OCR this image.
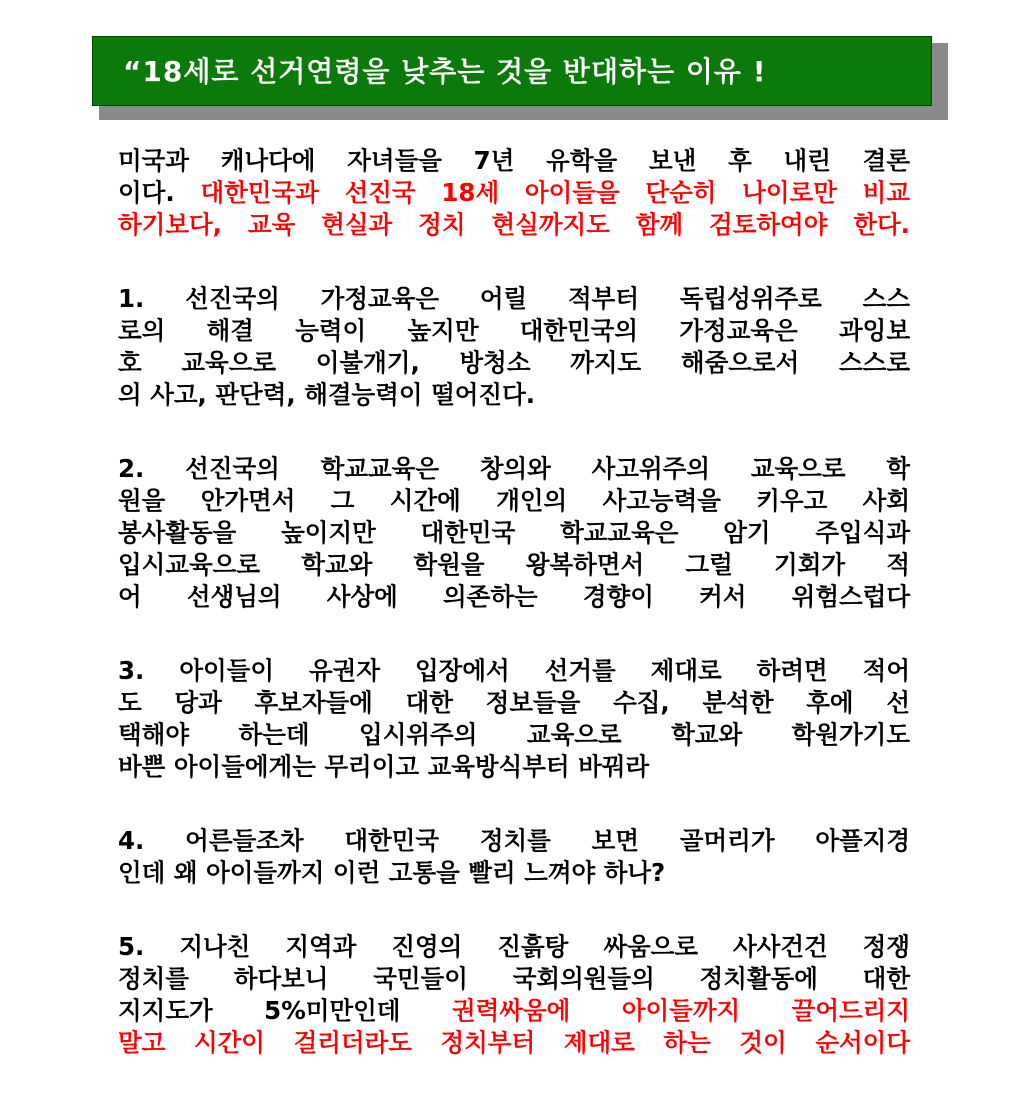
“18세로 선거연령을 낮추는 것을 반대하는 이유 !
미국과 캐나다에 자녀들을 7년 유학을 보낸 후 내린 결론
이다. 대한민국과 선진국 18세 아이들을 단순히 나이로만 비교
하기보다, 교육 현실과 정치 현실까지도 함께 검토하여야 한다.
1. 선진국의 가정교육은 어릴 적부터 독립성위주로 스스
로의 해결 능력이 높지만 대한민국의 가정교육은 과잉보
호 교육으로 이불개기, 방청소 까지도 해줌으로서 스스로
의 사고, 판단력, 해결능력이 떨어진다.
2. 선진국의 학교교육은 창의와 사고위주의 교육으로 학
원을 안가면서 그 시간에 개인의 사고능력을 키우고 사회
봉사활동을 높이지만 대한민국 학교교육은 암기 주입식과
입시교육으로 학교와 학원을 왕복하면서 그럴 기회가 적
어 선생님의 사상에 의존하는 경향이 커서 위험스럽다
3. 아이들이 유권자 입장에서 선거를 제대로 하려면 적어
도 당과 후보자들에 대한 정보들을 수집, 분석한 후에 선
택해야 하는데 입시위주의 교육으로 학교와 학원가기도
바쁜 아이들에게는 무리이고 교육방식부터 바꿔라
4. 어른들조차 대한민국 정치를 보면 골머리가 아플지경
인데 왜 아이들까지 이런 고통을 빨리 느껴야 하나?
5. 지나친 지역과 진영의 진흙탕 싸움으로 사사건건 정쟁
정치를 하다보니 국민들이 국회의원들의 정치활동에 대한
지지도가 5%미만인데 권력싸움에 아이들까지 끌어드리지
말고 시간이 걸리더라도 정치부터 제대로 하는 것이 순서이다
